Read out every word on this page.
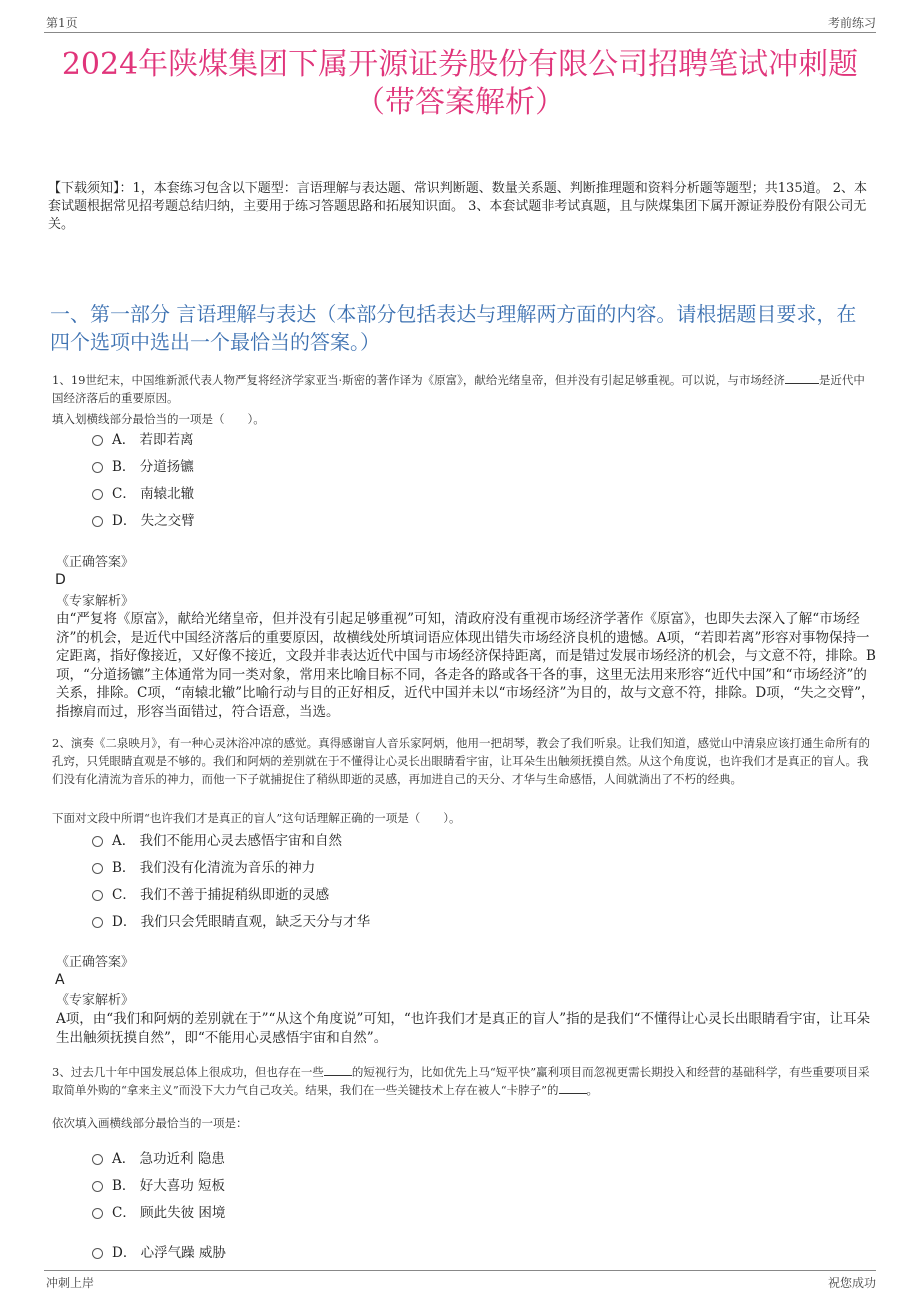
第1页	考前练习
2024年陕煤集团下属开源证券股份有限公司招聘笔试冲刺题
（带答案解析）
【下载须知】：1，本套练习包含以下题型：言语理解与表达题、常识判断题、数量关系题、判断推理题和资料分析题等题型；共135道。 2、本套试题根据常见招考题总结归纳，主要用于练习答题思路和拓展知识面。 3、本套试题非考试真题，且与陕煤集团下属开源证券股份有限公司无关。
一、第一部分 言语理解与表达（本部分包括表达与理解两方面的内容。请根据题目要求，在四个选项中选出一个最恰当的答案。）
1、19世纪末，中国维新派代表人物严复将经济学家亚当·斯密的著作译为《原富》，献给光绪皇帝，但并没有引起足够重视。可以说，与市场经济	是近代中国经济落后的重要原因。
填入划横线部分最恰当的一项是（　　）。
A． 若即若离
B． 分道扬镳
C． 南辕北辙
D． 失之交臂
《正确答案》
D
《专家解析》
由“严复将《原富》，献给光绪皇帝，但并没有引起足够重视”可知，清政府没有重视市场经济学著作《原富》，也即失去深入了解“市场经济”的机会，是近代中国经济落后的重要原因，故横线处所填词语应体现出错失市场经济良机的遗憾。A项，“若即若离”形容对事物保持一定距离，指好像接近，又好像不接近，文段并非表达近代中国与市场经济保持距离，而是错过发展市场经济的机会，与文意不符，排除。B项，“分道扬镳”主体通常为同一类对象，常用来比喻目标不同，各走各的路或各干各的事，这里无法用来形容“近代中国”和“市场经济”的关系，排除。C项，“南辕北辙”比喻行动与目的正好相反，近代中国并未以“市场经济”为目的，故与文意不符，排除。D项，“失之交臂”，指擦肩而过，形容当面错过，符合语意，当选。
2、演奏《二泉映月》，有一种心灵沐浴冲凉的感觉。真得感谢盲人音乐家阿炳，他用一把胡琴，教会了我们听泉。让我们知道，感觉山中清泉应该打通生命所有的孔窍，只凭眼睛直观是不够的。我们和阿炳的差别就在于不懂得让心灵长出眼睛看宇宙，让耳朵生出触须抚摸自然。从这个角度说，也许我们才是真正的盲人。我们没有化清流为音乐的神力，而他一下子就捕捉住了稍纵即逝的灵感，再加进自己的天分、才华与生命感悟，人间就淌出了不朽的经典。
下面对文段中所谓“也许我们才是真正的盲人”这句话理解正确的一项是（　　）。
A． 我们不能用心灵去感悟宇宙和自然
B． 我们没有化清流为音乐的神力
C． 我们不善于捕捉稍纵即逝的灵感
D． 我们只会凭眼睛直观，缺乏天分与才华
《正确答案》
A
《专家解析》
A项，由“我们和阿炳的差别就在于”“从这个角度说”可知，“也许我们才是真正的盲人”指的是我们“不懂得让心灵长出眼睛看宇宙，让耳朵生出触须抚摸自然”，即“不能用心灵感悟宇宙和自然”。
3、过去几十年中国发展总体上很成功，但也存在一些 的短视行为，比如优先上马“短平快”赢利项目而忽视更需长期投入和经营的基础科学，有些重要项目采取简单外购的“拿来主义”而没下大力气自己攻关。结果，我们在一些关键技术上存在被人“卡脖子”的 。
依次填入画横线部分最恰当的一项是：
A． 急功近利 隐患
B． 好大喜功 短板
C． 顾此失彼 困境
D． 心浮气躁 威胁
冲刺上岸	祝您成功
